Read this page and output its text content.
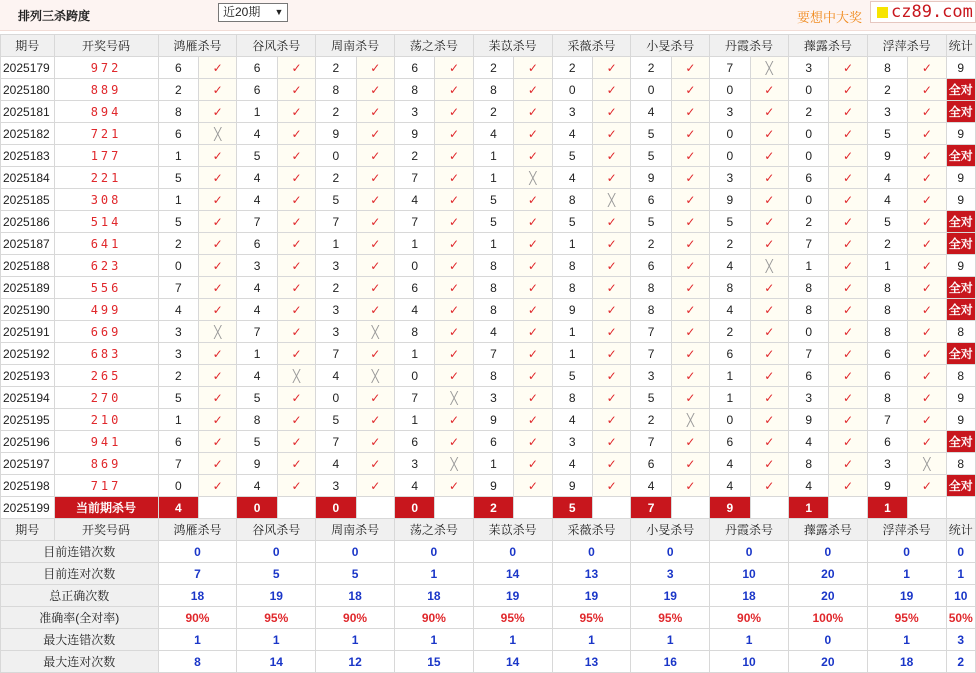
排列三杀跨度	近20期 ▼	要想中大奖 cz89.com
期号	开奖号码	鸿雁杀号		谷风杀号		周南杀号		荡之杀号		苿苡杀号		采薇杀号		小旻杀号		丹霞杀号		蘀露杀号		浮萍杀号		统计
2025179	972	6	✓	6	✓	2	✓	6	✓	2	✓	2	✓	2	✓	7	╳	3	✓	8	✓	9
2025180	889	2	✓	6	✓	8	✓	8	✓	8	✓	0	✓	0	✓	0	✓	0	✓	2	✓	全对
2025181	894	8	✓	1	✓	2	✓	3	✓	2	✓	3	✓	4	✓	3	✓	2	✓	3	✓	全对
2025182	721	6	╳	4	✓	9	✓	9	✓	4	✓	4	✓	5	✓	0	✓	0	✓	5	✓	9
2025183	177	1	✓	5	✓	0	✓	2	✓	1	✓	5	✓	5	✓	0	✓	0	✓	9	✓	全对
2025184	221	5	✓	4	✓	2	✓	7	✓	1	╳	4	✓	9	✓	3	✓	6	✓	4	✓	9
2025185	308	1	✓	4	✓	5	✓	4	✓	5	✓	8	╳	6	✓	9	✓	0	✓	4	✓	9
2025186	514	5	✓	7	✓	7	✓	7	✓	5	✓	5	✓	5	✓	5	✓	2	✓	5	✓	全对
2025187	641	2	✓	6	✓	1	✓	1	✓	1	✓	1	✓	2	✓	2	✓	7	✓	2	✓	全对
2025188	623	0	✓	3	✓	3	✓	0	✓	8	✓	8	✓	6	✓	4	╳	1	✓	1	✓	9
2025189	556	7	✓	4	✓	2	✓	6	✓	8	✓	8	✓	8	✓	8	✓	8	✓	8	✓	全对
2025190	499	4	✓	4	✓	3	✓	4	✓	8	✓	9	✓	8	✓	4	✓	8	✓	8	✓	全对
2025191	669	3	╳	7	✓	3	╳	8	✓	4	✓	1	✓	7	✓	2	✓	0	✓	8	✓	8
2025192	683	3	✓	1	✓	7	✓	1	✓	7	✓	1	✓	7	✓	6	✓	7	✓	6	✓	全对
2025193	265	2	✓	4	╳	4	╳	0	✓	8	✓	5	✓	3	✓	1	✓	6	✓	6	✓	8
2025194	270	5	✓	5	✓	0	✓	7	╳	3	✓	8	✓	5	✓	1	✓	3	✓	8	✓	9
2025195	210	1	✓	8	✓	5	✓	1	✓	9	✓	4	✓	2	╳	0	✓	9	✓	7	✓	9
2025196	941	6	✓	5	✓	7	✓	6	✓	6	✓	3	✓	7	✓	6	✓	4	✓	6	✓	全对
2025197	869	7	✓	9	✓	4	✓	3	╳	1	✓	4	✓	6	✓	4	✓	8	✓	3	╳	8
2025198	717	0	✓	4	✓	3	✓	4	✓	9	✓	9	✓	4	✓	4	✓	4	✓	9	✓	全对
2025199	当前期杀号	4		0		0		0		2		5		7		9		1		1		
期号	开奖号码	鸿雁杀号		谷风杀号		周南杀号		荡之杀号		苿苡杀号		采薇杀号		小旻杀号		丹霞杀号		蘀露杀号		浮萍杀号		统计
目前连错次数		0		0		0		0		0		0		0		0		0		0		0
目前连对次数		7		5		5		1		14		13		3		10		20		1		1
总正确次数		18		19		18		18		19		19		19		18		20		19		10
准确率(全对率)		90%		95%		90%		90%		95%		95%		95%		90%		100%		95%		50%
最大连错次数		1		1		1		1		1		1		1		1		0		1		3
最大连对次数		8		14		12		15		14		13		16		10		20		18		2
